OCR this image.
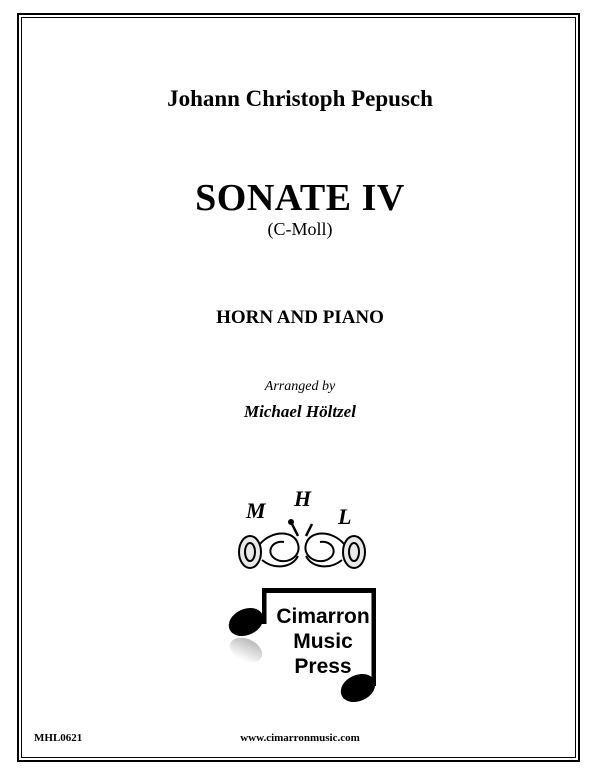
Johann Christoph Pepusch
SONATE IV
(C-Moll)
HORN AND PIANO
Arranged by
Michael Höltzel
M H
L
Cimarron
Music
Press
MHL0621	www.cimarronmusic.com
